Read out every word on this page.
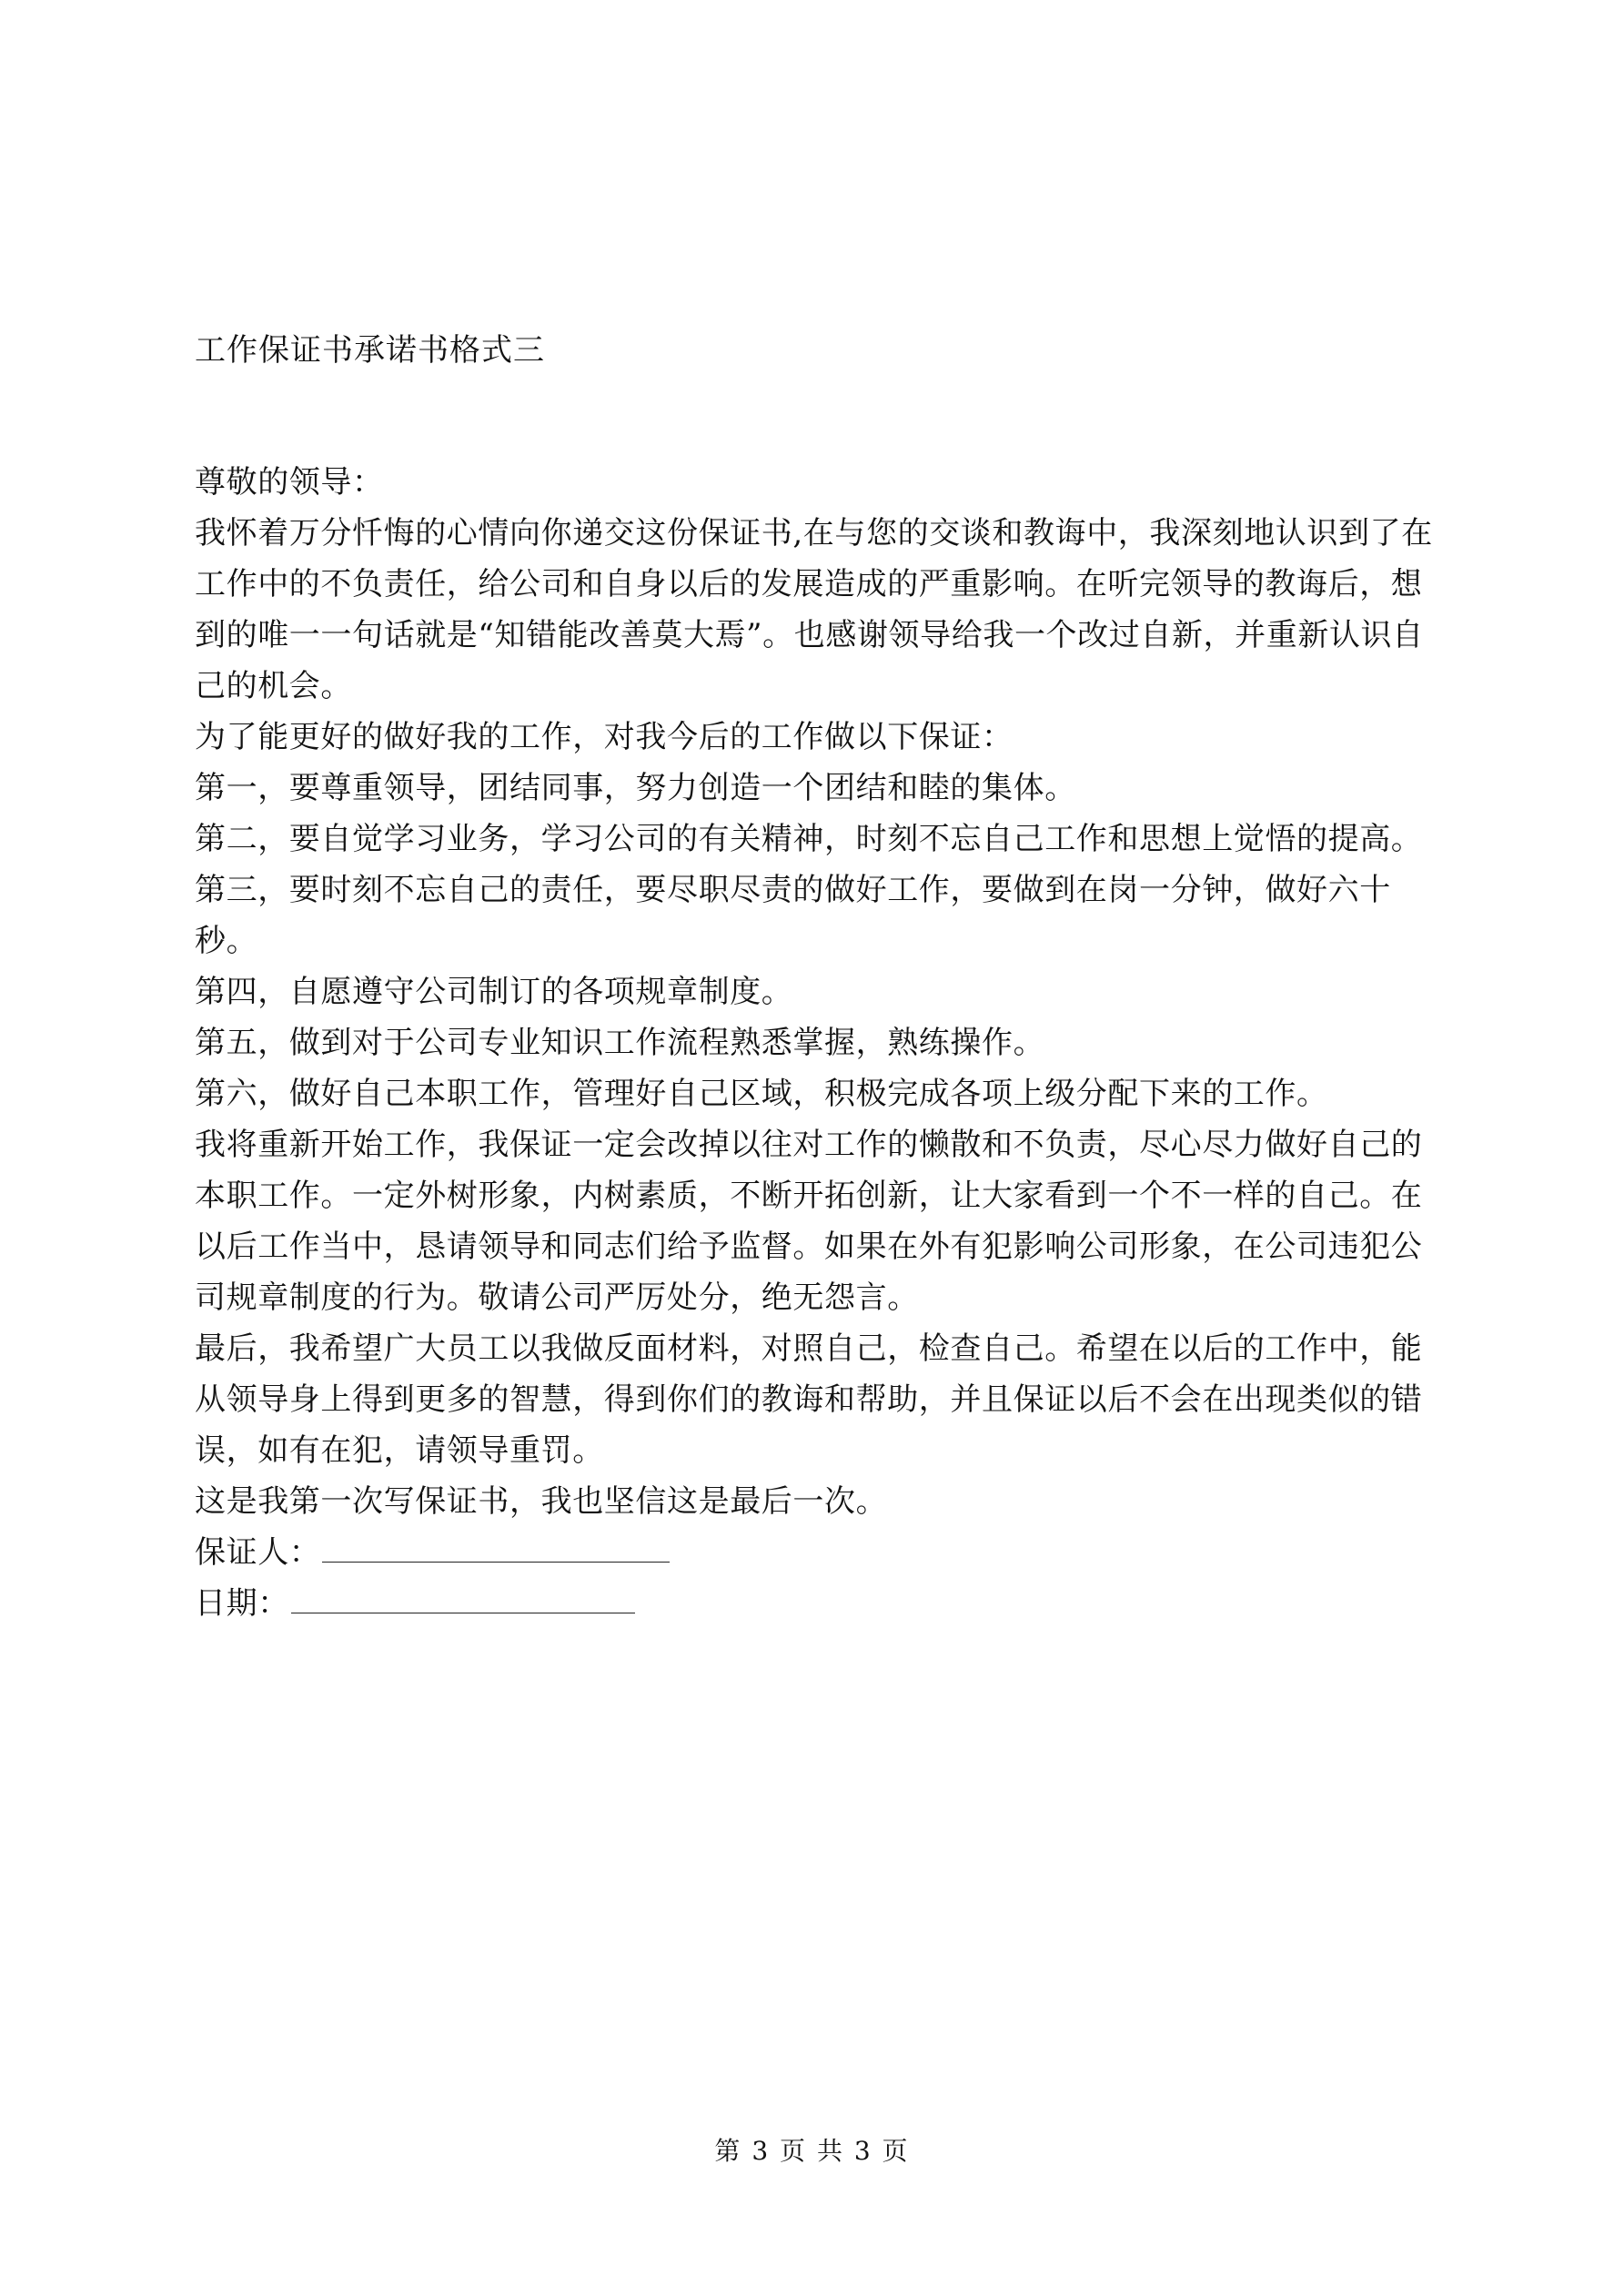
工作保证书承诺书格式三

尊敬的领导：

我怀着万分忏悔的心情向你递交这份保证书,在与您的交谈和教诲中，我深刻地认识到了在工作中的不负责任，给公司和自身以后的发展造成的严重影响。在听完领导的教诲后，想到的唯一一句话就是“知错能改善莫大焉”。也感谢领导给我一个改过自新，并重新认识自己的机会。

为了能更好的做好我的工作，对我今后的工作做以下保证：

第一，要尊重领导，团结同事，努力创造一个团结和睦的集体。

第二，要自觉学习业务，学习公司的有关精神，时刻不忘自己工作和思想上觉悟的提高。

第三，要时刻不忘自己的责任，要尽职尽责的做好工作，要做到在岗一分钟，做好六十秒。

第四，自愿遵守公司制订的各项规章制度。

第五，做到对于公司专业知识工作流程熟悉掌握，熟练操作。

第六，做好自己本职工作，管理好自己区域，积极完成各项上级分配下来的工作。

我将重新开始工作，我保证一定会改掉以往对工作的懒散和不负责，尽心尽力做好自己的本职工作。一定外树形象，内树素质，不断开拓创新，让大家看到一个不一样的自己。在以后工作当中，恳请领导和同志们给予监督。如果在外有犯影响公司形象，在公司违犯公司规章制度的行为。敬请公司严厉处分，绝无怨言。

最后，我希望广大员工以我做反面材料，对照自己，检查自己。希望在以后的工作中，能从领导身上得到更多的智慧，得到你们的教诲和帮助，并且保证以后不会在出现类似的错误，如有在犯，请领导重罚。

这是我第一次写保证书，我也坚信这是最后一次。

保证人：

日期：

第 3 页 共 3 页
